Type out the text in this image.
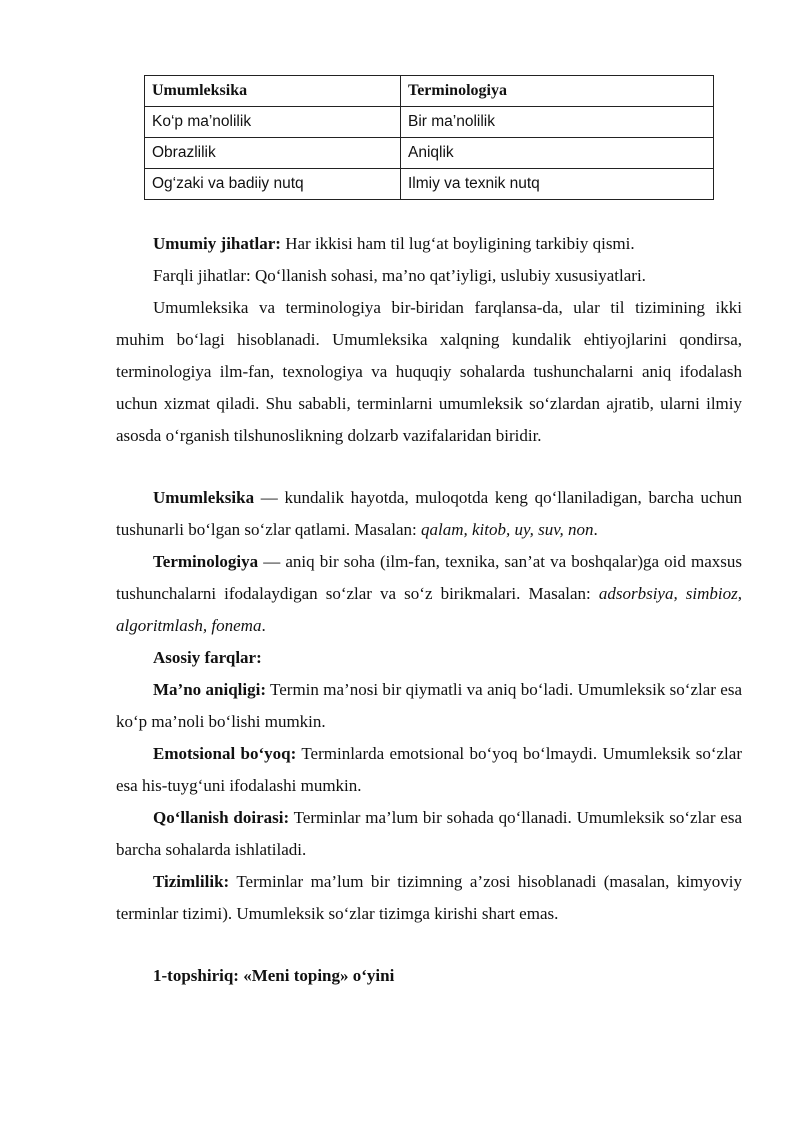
Umumleksika	Terminologiya
Ko‘p ma’nolilik	Bir ma’nolilik
Obrazlilik	Aniqlik
Og‘zaki va badiiy nutq	Ilmiy va texnik nutq

Umumiy jihatlar: Har ikkisi ham til lug‘at boyligining tarkibiy qismi.

Farqli jihatlar: Qo‘llanish sohasi, ma’no qat’iyligi, uslubiy xususiyatlari.

Umumleksika va terminologiya bir-biridan farqlansa-da, ular til tizimining ikki muhim bo‘lagi hisoblanadi. Umumleksika xalqning kundalik ehtiyojlarini qondirsa, terminologiya ilm-fan, texnologiya va huquqiy sohalarda tushunchalarni aniq ifodalash uchun xizmat qiladi. Shu sababli, terminlarni umumleksik so‘zlardan ajratib, ularni ilmiy asosda o‘rganish tilshunoslikning dolzarb vazifalaridan biridir.

Umumleksika — kundalik hayotda, muloqotda keng qo‘llaniladigan, barcha uchun tushunarli bo‘lgan so‘zlar qatlami. Masalan: qalam, kitob, uy, suv, non.

Terminologiya — aniq bir soha (ilm-fan, texnika, san’at va boshqalar)ga oid maxsus tushunchalarni ifodalaydigan so‘zlar va so‘z birikmalari. Masalan: adsorbsiya, simbioz, algoritmlash, fonema.

Asosiy farqlar:

Ma’no aniqligi: Termin ma’nosi bir qiymatli va aniq bo‘ladi. Umumleksik so‘zlar esa ko‘p ma’noli bo‘lishi mumkin.

Emotsional bo‘yoq: Terminlarda emotsional bo‘yoq bo‘lmaydi. Umumleksik so‘zlar esa his-tuyg‘uni ifodalashi mumkin.

Qo‘llanish doirasi: Terminlar ma’lum bir sohada qo‘llanadi. Umumleksik so‘zlar esa barcha sohalarda ishlatiladi.

Tizimlilik: Terminlar ma’lum bir tizimning a’zosi hisoblanadi (masalan, kimyoviy terminlar tizimi). Umumleksik so‘zlar tizimga kirishi shart emas.

1-topshiriq: «Meni toping» o‘yini
